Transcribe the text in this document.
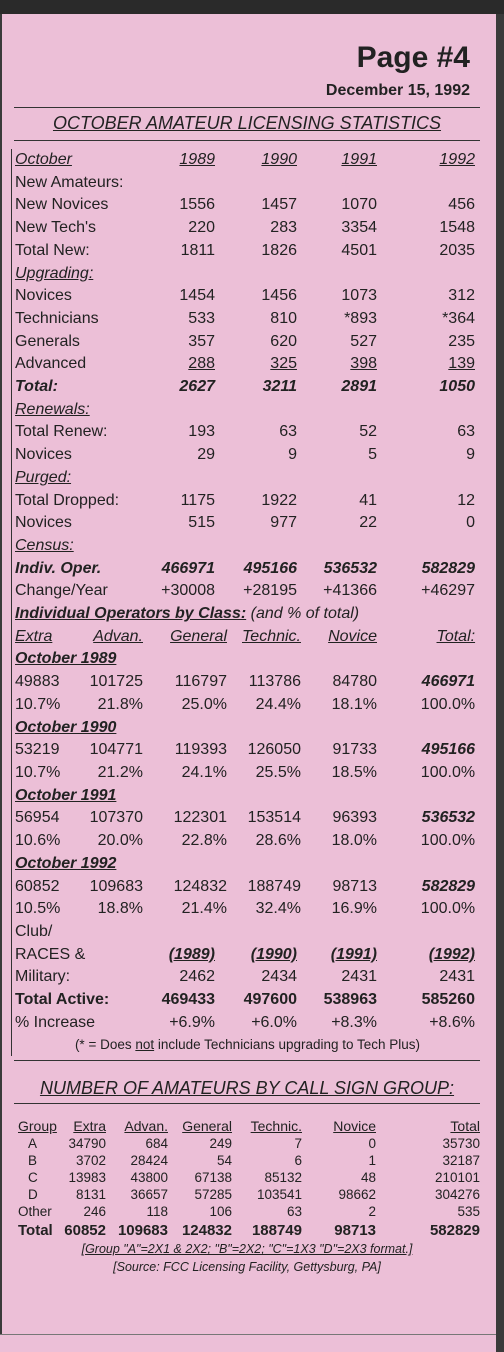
Page #4
December 15, 1992
OCTOBER AMATEUR LICENSING STATISTICS
October	1989	1990	1991	1992
New Amateurs:				
New Novices	1556	1457	1070	456
New Tech's	220	283	3354	1548
Total New:	1811	1826	4501	2035
Upgrading:				
Novices	1454	1456	1073	312
Technicians	533	810	*893	*364
Generals	357	620	527	235
Advanced	288	325	398	139
Total:	2627	3211	2891	1050
Renewals:				
Total Renew:	193	63	52	63
Novices	29	9	5	9
Purged:				
Total Dropped:	1175	1922	41	12
Novices	515	977	22	0
Census:				
Indiv. Oper.	466971	495166	536532	582829
Change/Year	+30008	+28195	+41366	+46297
Individual Operators by Class: (and % of total)					
Extra	Advan.	General	Technic.	Novice	Total:
October 1989					
49883	101725	116797	113786	84780	466971
10.7%	21.8%	25.0%	24.4%	18.1%	100.0%
October 1990					
53219	104771	119393	126050	91733	495166
10.7%	21.2%	24.1%	25.5%	18.5%	100.0%
October 1991					
56954	107370	122301	153514	96393	536532
10.6%	20.0%	22.8%	28.6%	18.0%	100.0%
October 1992					
60852	109683	124832	188749	98713	582829
10.5%	18.8%	21.4%	32.4%	16.9%	100.0%
Club/				
RACES &	(1989)	(1990)	(1991)	(1992)
Military:	2462	2434	2431	2431
Total Active:	469433	497600	538963	585260
% Increase	+6.9%	+6.0%	+8.3%	+8.6%
(* = Does not include Technicians upgrading to Tech Plus)
NUMBER OF AMATEURS BY CALL SIGN GROUP:
Group	Extra	Advan.	General	Technic.	Novice	Total
A	34790	684	249	7	0	35730
B	3702	28424	54	6	1	32187
C	13983	43800	67138	85132	48	210101
D	8131	36657	57285	103541	98662	304276
Other	246	118	106	63	2	535
Total	60852	109683	124832	188749	98713	582829
[Group "A"=2X1 & 2X2; "B"=2X2; "C"=1X3 "D"=2X3 format.]
[Source: FCC Licensing Facility, Gettysburg, PA]
